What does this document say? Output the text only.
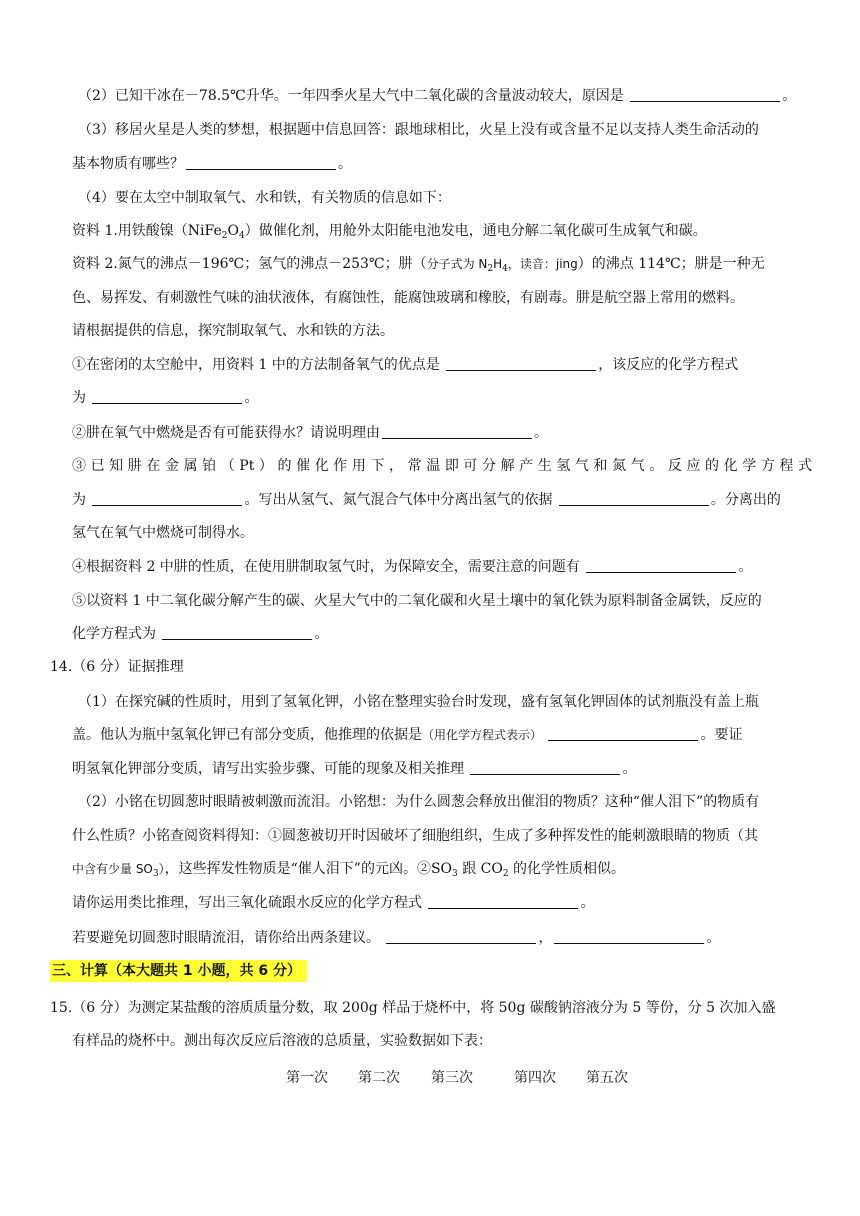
（2）已知干冰在－78.5℃升华。一年四季火星大气中二氧化碳的含量波动较大，原因是	。
（3）移居火星是人类的梦想，根据题中信息回答：跟地球相比，火星上没有或含量不足以支持人类生命活动的
基本物质有哪些？	。
（4）要在太空中制取氧气、水和铁，有关物质的信息如下：
资料 1.用铁酸镍$(NiFe_2O_4)$做催化剂，用舱外太阳能电池发电，通电分解二氧化碳可生成氧气和碳。
资料 2.氮气的沸点－196℃；氢气的沸点－253℃；肼（分子式为 $N_2H_4$，读音：jing）的沸点 114℃；肼是一种无
色、易挥发、有刺激性气味的油状液体，有腐蚀性，能腐蚀玻璃和橡胶，有剧毒。肼是航空器上常用的燃料。
请根据提供的信息，探究制取氧气、水和铁的方法。
①在密闭的太空舱中，用资料 1 中的方法制备氧气的优点是	，该反应的化学方程式
为	。
②肼在氧气中燃烧是否有可能获得水？请说明理由	。
③已知肼在金属铂（Pt）的催化作用下，常温即可分解产生氢气和氮气。反应的化学方程式
为	。写出从氢气、氮气混合气体中分离出氢气的依据	。分离出的
氢气在氧气中燃烧可制得水。
④根据资料 2 中肼的性质，在使用肼制取氢气时，为保障安全，需要注意的问题有	。
⑤以资料 1 中二氧化碳分解产生的碳、火星大气中的二氧化碳和火星土壤中的氧化铁为原料制备金属铁，反应的
化学方程式为	。
14.（6 分）证据推理
（1）在探究碱的性质时，用到了氢氧化钾，小铭在整理实验台时发现，盛有氢氧化钾固体的试剂瓶没有盖上瓶
盖。他认为瓶中氢氧化钾已有部分变质，他推理的依据是（用化学方程式表示）	。要证
明氢氧化钾部分变质，请写出实验步骤、可能的现象及相关推理	。
（2）小铭在切圆葱时眼睛被刺激而流泪。小铭想：为什么圆葱会释放出催泪的物质？这种“催人泪下”的物质有
什么性质？小铭查阅资料得知：①圆葱被切开时因破坏了细胞组织，生成了多种挥发性的能刺激眼睛的物质（其
中含有少量 $SO_3$），这些挥发性物质是“催人泪下”的元凶。$②SO_3$ 跟 $CO_2$ 的化学性质相似。
请你运用类比推理，写出三氧化硫跟水反应的化学方程式	。
若要避免切圆葱时眼睛流泪，请你给出两条建议。	，	。
三、计算（本大题共 1 小题，共 6 分）
15.（6 分）为测定某盐酸的溶质质量分数，取 200g 样品于烧杯中，将 50g 碳酸钠溶液分为 5 等份，分 5 次加入盛
有样品的烧杯中。测出每次反应后溶液的总质量，实验数据如下表：
第一次 第二次 第三次	第四次 第五次
